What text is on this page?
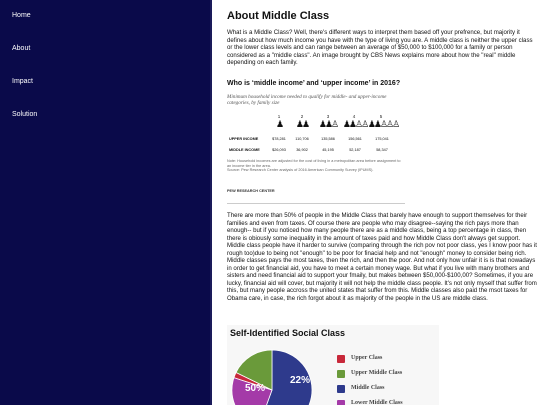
Home
About
Impact
Solution
About Middle Class

What is a Middle Class? Well, there's different ways to interpret them based off your prefrence, but majority it defines about how much income you have with the type of living you are. A middle class is neither the upper class or the lower class levels and can range between an average of $50,000 to $100,000 for a family or person considered as a "middle class". An image brought by CBS News explains more about how the "real" middle depending on each family.

Who is ‘middle income’ and ‘upper income’ in 2016?
Minimum household income needed to qualify for middle- and upper-income categories, by family size
1	2	3	4	5
♟	♟♟	♟♟♙ ♟♟♙♙ ♟♟♙♙♙
UPPER INCOME	$78,281	110,706	135,586	156,561	175,041
MIDDLE INCOME	$26,093	36,902	45,195	52,187	58,347
Note: Household incomes are adjusted for the cost of living in a metropolitan area before assignment to an income tier in the area.
Source: Pew Research Center analysis of 2016 American Community Survey (IPUMS).
PEW RESEARCH CENTER

There are more than 50% of people in the Middle Class that barely have enough to support themselves for their families and even from taxes. Of course there are people who may disagree--saying the rich pays more than enough-- but if you noticed how many people there are as a middle class, being a top percentage in class, then there is obiously some inequality in the amount of taxes paid and how Middle Class don't always get support. Middle class people have it harder to survive (comparing through the rich pov not poor class, yes I know poor has it rough too)due to being not "enough" to be poor for finacial help and not "enough" money to consider being rich. Middle classes pays the most taxes, then the rich, and then the poor. And not only how unfair it is is that nowadays in order to get financial aid, you have to meet a certain money wage. But what if you live with many brothers and sisters and need financial aid to support your fmaily, but makes between $50,000-$100,00? Sometimes, if you are lucky, financial aid will cover, but majority it will not help the middle class people. It's not only myself that suffer from this, but many people accross the united states that suffer from this. Middle classes also paid the msot taxes for Obama care, in case, the rich forgot about it as majority of the people in the US are middle class.

Self-Identified Social Class
50%
22%
Upper Class
Upper Middle Class
Middle Class
Lower Middle Class
